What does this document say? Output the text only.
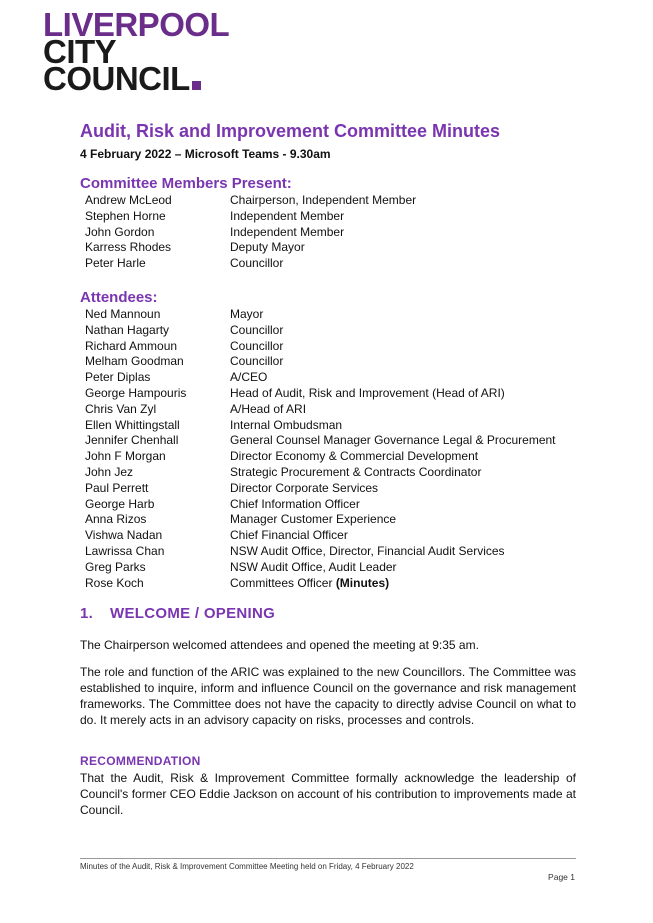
LIVERPOOL
CITY
COUNCIL
Audit, Risk and Improvement Committee Minutes
4 February 2022 – Microsoft Teams - 9.30am
Committee Members Present:
Andrew McLeod	Chairperson, Independent Member
Stephen Horne	Independent Member
John Gordon	Independent Member
Karress Rhodes	Deputy Mayor
Peter Harle	Councillor
Attendees:
Ned Mannoun	Mayor
Nathan Hagarty	Councillor
Richard Ammoun	Councillor
Melham Goodman	Councillor
Peter Diplas	A/CEO
George Hampouris	Head of Audit, Risk and Improvement (Head of ARI)
Chris Van Zyl	A/Head of ARI
Ellen Whittingstall	Internal Ombudsman
Jennifer Chenhall	General Counsel Manager Governance Legal & Procurement
John F Morgan	Director Economy & Commercial Development
John Jez	Strategic Procurement & Contracts Coordinator
Paul Perrett	Director Corporate Services
George Harb	Chief Information Officer
Anna Rizos	Manager Customer Experience
Vishwa Nadan	Chief Financial Officer
Lawrissa Chan	NSW Audit Office, Director, Financial Audit Services
Greg Parks	NSW Audit Office, Audit Leader
Rose Koch	Committees Officer (Minutes)
1.	WELCOME / OPENING

The Chairperson welcomed attendees and opened the meeting at 9:35 am.

The role and function of the ARIC was explained to the new Councillors. The Committee was established to inquire, inform and influence Council on the governance and risk management frameworks. The Committee does not have the capacity to directly advise Council on what to do. It merely acts in an advisory capacity on risks, processes and controls.

RECOMMENDATION

That the Audit, Risk & Improvement Committee formally acknowledge the leadership of Council's former CEO Eddie Jackson on account of his contribution to improvements made at Council.

Minutes of the Audit, Risk & Improvement Committee Meeting held on Friday, 4 February 2022
Page 1
